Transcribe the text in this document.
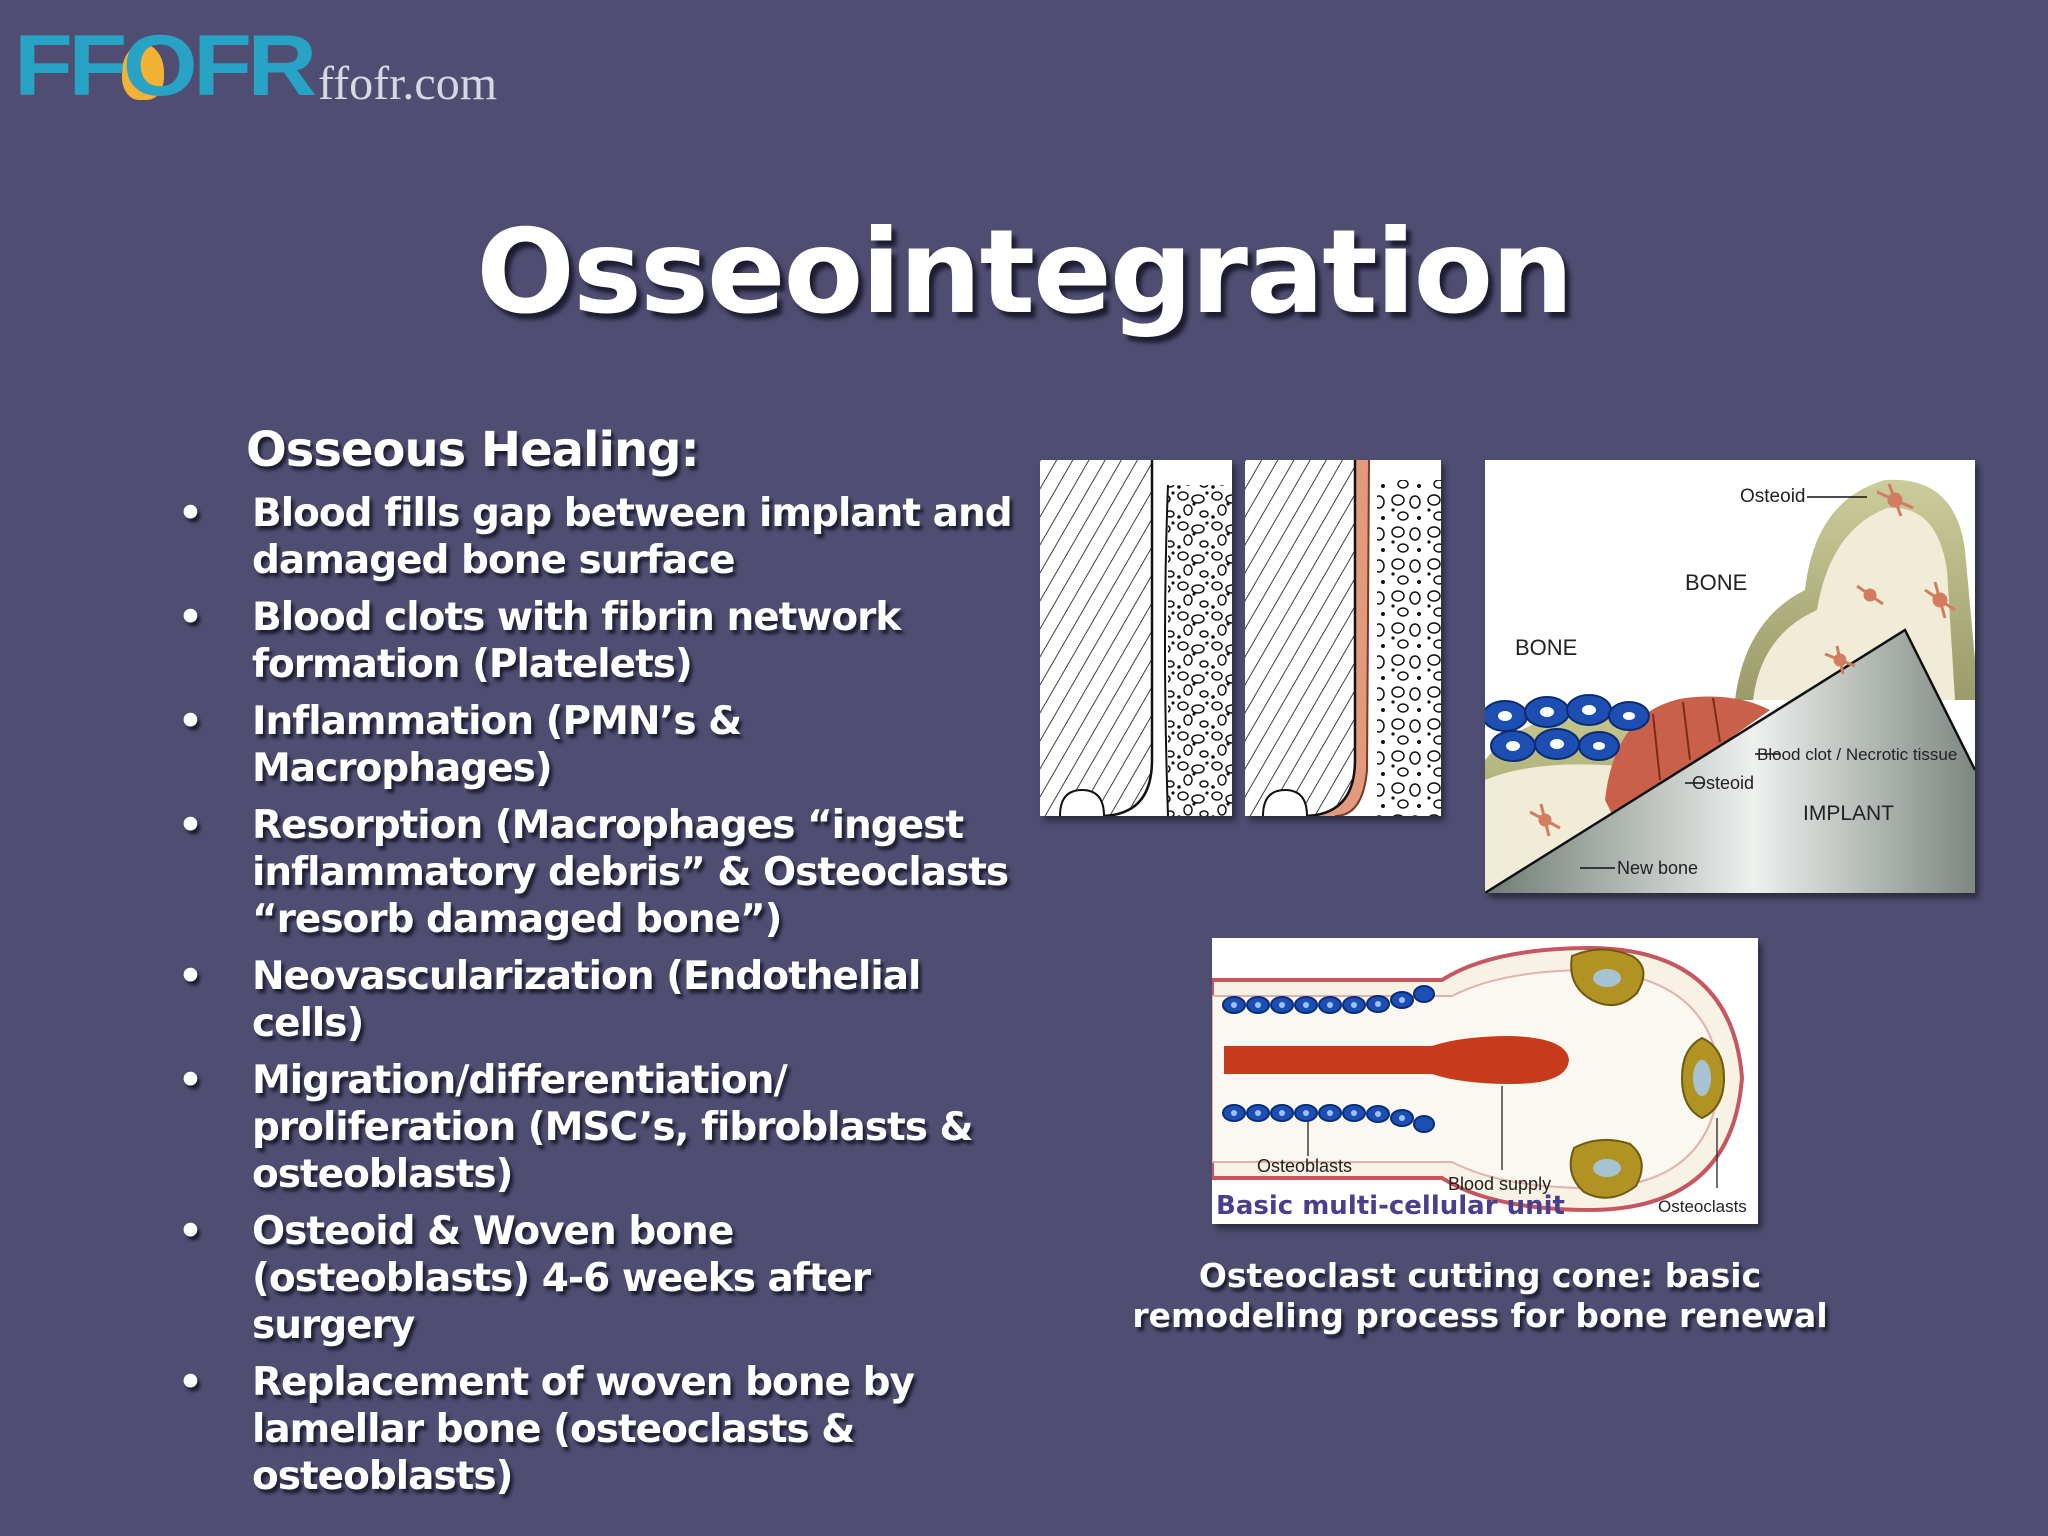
FFOFR ffofr.com
Osseointegration
Osseous Healing:
• Blood fills gap between implant and damaged bone surface
• Blood clots with fibrin network formation (Platelets)
• Inflammation (PMN’s & Macrophages)
• Resorption (Macrophages “ingest inflammatory debris” & Osteoclasts “resorb damaged bone”)
• Neovascularization (Endothelial cells)
• Migration/differentiation/ proliferation (MSC’s, fibroblasts & osteoblasts)
• Osteoid & Woven bone (osteoblasts) 4-6 weeks after surgery
• Replacement of woven bone by lamellar bone (osteoclasts & osteoblasts)
Osteoid
BONE
BONE
Blood clot / Necrotic tissue
Osteoid
IMPLANT
New bone
Osteoblasts
Blood supply
Osteoclasts
Basic multi-cellular unit

Osteoclast cutting cone: basic remodeling process for bone renewal
